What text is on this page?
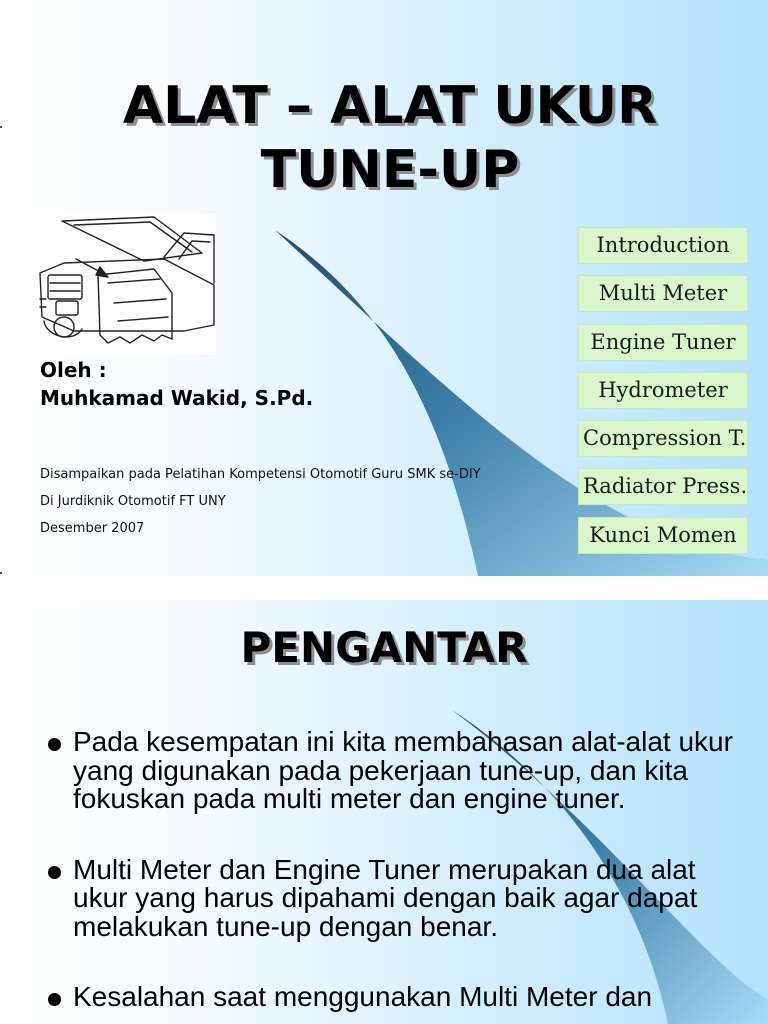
ALAT – ALAT UKUR
TUNE-UP

Oleh :

Muhkamad Wakid, S.Pd.

Disampaikan pada Pelatihan Kompetensi Otomotif Guru SMK se-DIY

Di Jurdiknik Otomotif FT UNY

Desember 2007

Introduction
Multi Meter
Engine Tuner
Hydrometer
Compression T.
Radiator Press.
Kunci Momen
PENGANTAR
Pada kesempatan ini kita membahasan alat-alat ukur yang digunakan pada pekerjaan tune-up, dan kita fokuskan pada multi meter dan engine tuner.
Multi Meter dan Engine Tuner merupakan dua alat ukur yang harus dipahami dengan baik agar dapat melakukan tune-up dengan benar.
Kesalahan saat menggunakan Multi Meter dan
